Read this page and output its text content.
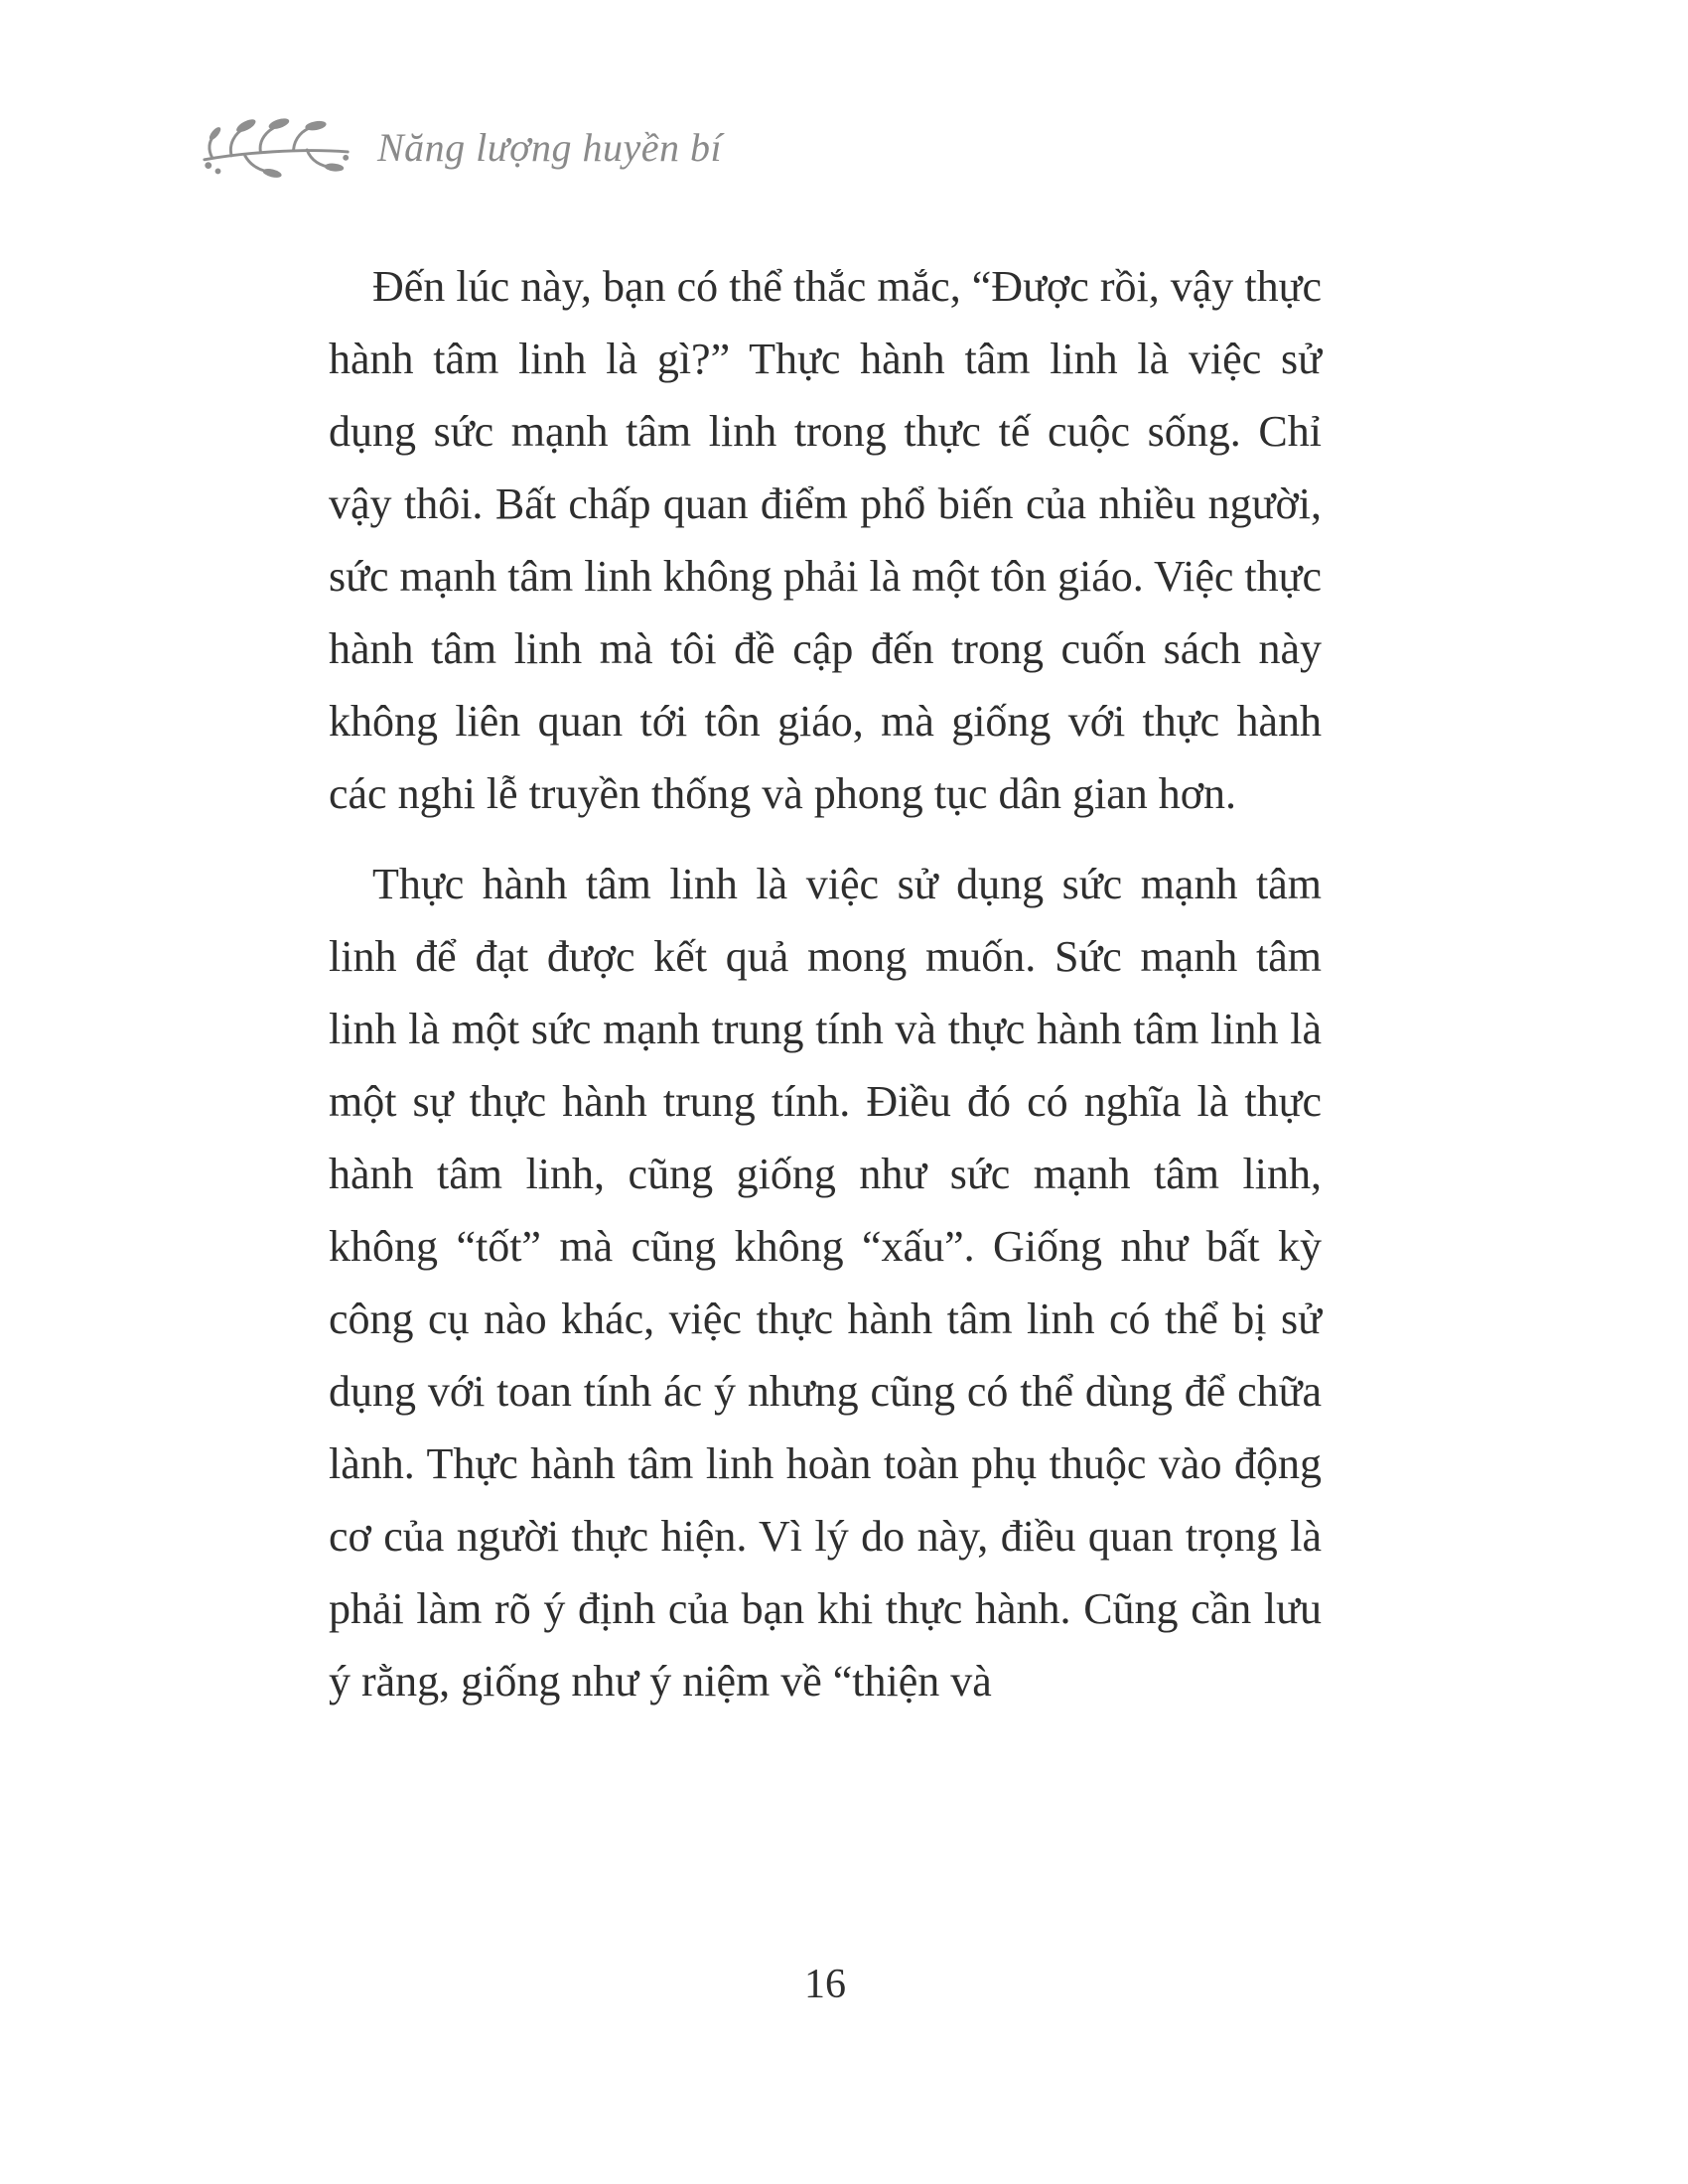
Năng lượng huyền bí

Đến lúc này, bạn có thể thắc mắc, “Được rồi, vậy thực hành tâm linh là gì?” Thực hành tâm linh là việc sử dụng sức mạnh tâm linh trong thực tế cuộc sống. Chỉ vậy thôi. Bất chấp quan điểm phổ biến của nhiều người, sức mạnh tâm linh không phải là một tôn giáo. Việc thực hành tâm linh mà tôi đề cập đến trong cuốn sách này không liên quan tới tôn giáo, mà giống với thực hành các nghi lễ truyền thống và phong tục dân gian hơn.

Thực hành tâm linh là việc sử dụng sức mạnh tâm linh để đạt được kết quả mong muốn. Sức mạnh tâm linh là một sức mạnh trung tính và thực hành tâm linh là một sự thực hành trung tính. Điều đó có nghĩa là thực hành tâm linh, cũng giống như sức mạnh tâm linh, không “tốt” mà cũng không “xấu”. Giống như bất kỳ công cụ nào khác, việc thực hành tâm linh có thể bị sử dụng với toan tính ác ý nhưng cũng có thể dùng để chữa lành. Thực hành tâm linh hoàn toàn phụ thuộc vào động cơ của người thực hiện. Vì lý do này, điều quan trọng là phải làm rõ ý định của bạn khi thực hành. Cũng cần lưu ý rằng, giống như ý niệm về “thiện và

16
